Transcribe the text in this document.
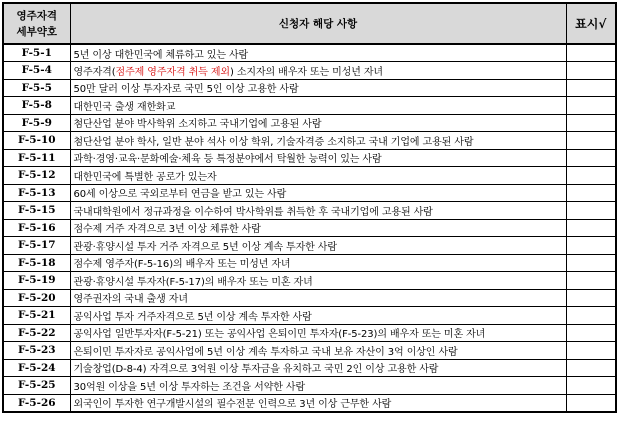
영주자격
세부약호	신청자 해당 사항	표시√
F-5-1	5년 이상 대한민국에 체류하고 있는 사람	
F-5-4	영주자격(점주제 영주자격 취득 제외) 소지자의 배우자 또는 미성년 자녀	
F-5-5	50만 달러 이상 투자자로 국민 5인 이상 고용한 사람	
F-5-8	대한민국 출생 재한화교	
F-5-9	첨단산업 분야 박사학위 소지하고 국내기업에 고용된 사람	
F-5-10	첨단산업 분야 학사, 일반 분야 석사 이상 학위, 기술자격증 소지하고 국내 기업에 고용된 사람	
F-5-11	과학·경영·교육·문화예술·체육 등 특정분야에서 탁월한 능력이 있는 사람	
F-5-12	대한민국에 특별한 공로가 있는자	
F-5-13	60세 이상으로 국외로부터 연금을 받고 있는 사람	
F-5-15	국내대학원에서 정규과정을 이수하여 박사학위를 취득한 후 국내기업에 고용된 사람	
F-5-16	점수제 거주 자격으로 3년 이상 체류한 사람	
F-5-17	관광·휴양시설 투자 거주 자격으로 5년 이상 계속 투자한 사람	
F-5-18	점수제 영주자(F-5-16)의 배우자 또는 미성년 자녀	
F-5-19	관광·휴양시설 투자자(F-5-17)의 배우자 또는 미혼 자녀	
F-5-20	영주권자의 국내 출생 자녀	
F-5-21	공익사업 투자 거주자격으로 5년 이상 계속 투자한 사람	
F-5-22	공익사업 일반투자자(F-5-21) 또는 공익사업 은퇴이민 투자자(F-5-23)의 배우자 또는 미혼 자녀	
F-5-23	은퇴이민 투자자로 공익사업에 5년 이상 계속 투자하고 국내 보유 자산이 3억 이상인 사람	
F-5-24	기술창업(D-8-4) 자격으로 3억원 이상 투자금을 유치하고 국민 2인 이상 고용한 사람	
F-5-25	30억원 이상을 5년 이상 투자하는 조건을 서약한 사람	
F-5-26	외국인이 투자한 연구개발시설의 필수전문 인력으로 3년 이상 근무한 사람	
